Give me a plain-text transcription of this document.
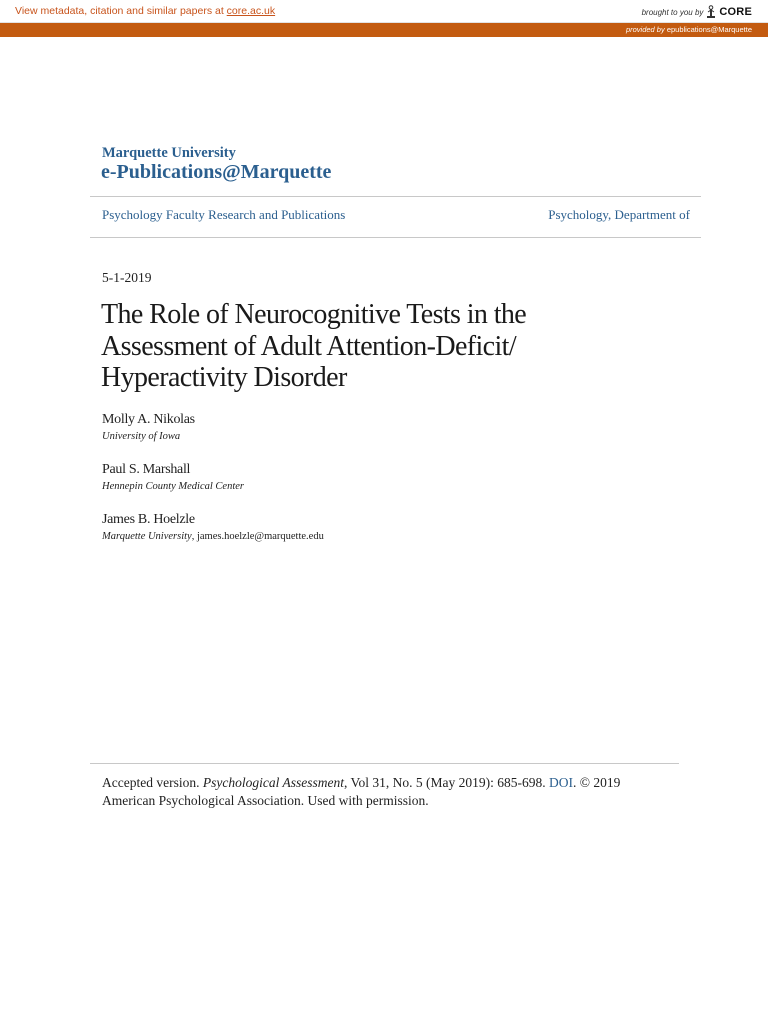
View metadata, citation and similar papers at core.ac.uk	brought to you by CORE
provided by epublications@Marquette
Marquette University
e-Publications@Marquette
Psychology Faculty Research and Publications	Psychology, Department of
5-1-2019
The Role of Neurocognitive Tests in the
Assessment of Adult Attention-Deficit/
Hyperactivity Disorder
Molly A. Nikolas
University of Iowa
Paul S. Marshall
Hennepin County Medical Center
James B. Hoelzle
Marquette University, james.hoelzle@marquette.edu
Accepted version. Psychological Assessment, Vol 31, No. 5 (May 2019): 685-698. DOI. © 2019
American Psychological Association. Used with permission.
